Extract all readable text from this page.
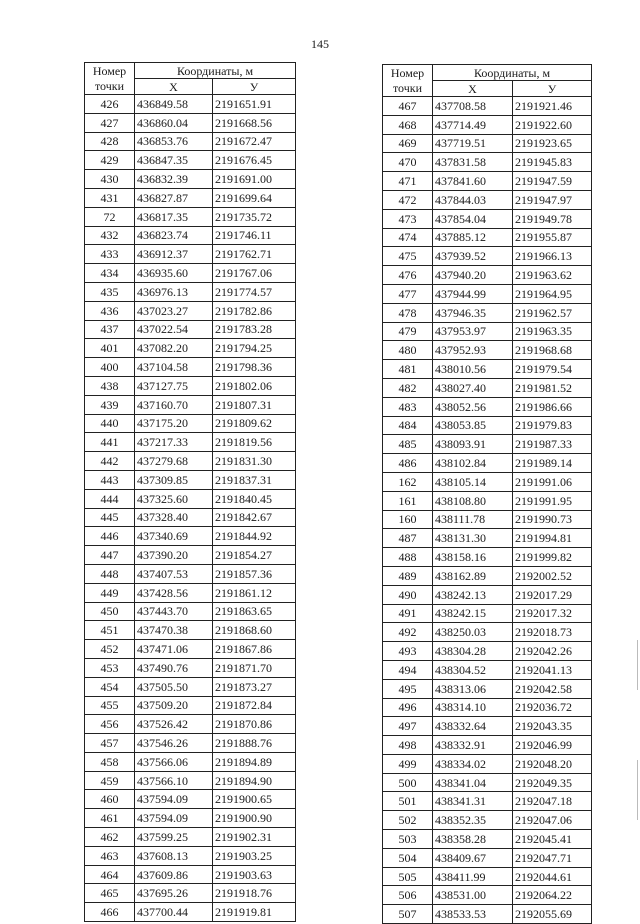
145
Номер точки	Координаты, м	
	X	У
426	436849.58	2191651.91
427	436860.04	2191668.56
428	436853.76	2191672.47
429	436847.35	2191676.45
430	436832.39	2191691.00
431	436827.87	2191699.64
72	436817.35	2191735.72
432	436823.74	2191746.11
433	436912.37	2191762.71
434	436935.60	2191767.06
435	436976.13	2191774.57
436	437023.27	2191782.86
437	437022.54	2191783.28
401	437082.20	2191794.25
400	437104.58	2191798.36
438	437127.75	2191802.06
439	437160.70	2191807.31
440	437175.20	2191809.62
441	437217.33	2191819.56
442	437279.68	2191831.30
443	437309.85	2191837.31
444	437325.60	2191840.45
445	437328.40	2191842.67
446	437340.69	2191844.92
447	437390.20	2191854.27
448	437407.53	2191857.36
449	437428.56	2191861.12
450	437443.70	2191863.65
451	437470.38	2191868.60
452	437471.06	2191867.86
453	437490.76	2191871.70
454	437505.50	2191873.27
455	437509.20	2191872.84
456	437526.42	2191870.86
457	437546.26	2191888.76
458	437566.06	2191894.89
459	437566.10	2191894.90
460	437594.09	2191900.65
461	437594.09	2191900.90
462	437599.25	2191902.31
463	437608.13	2191903.25
464	437609.86	2191903.63
465	437695.26	2191918.76
466	437700.44	2191919.81
Номер точки	Координаты, м	
	X	У
467	437708.58	2191921.46
468	437714.49	2191922.60
469	437719.51	2191923.65
470	437831.58	2191945.83
471	437841.60	2191947.59
472	437844.03	2191947.97
473	437854.04	2191949.78
474	437885.12	2191955.87
475	437939.52	2191966.13
476	437940.20	2191963.62
477	437944.99	2191964.95
478	437946.35	2191962.57
479	437953.97	2191963.35
480	437952.93	2191968.68
481	438010.56	2191979.54
482	438027.40	2191981.52
483	438052.56	2191986.66
484	438053.85	2191979.83
485	438093.91	2191987.33
486	438102.84	2191989.14
162	438105.14	2191991.06
161	438108.80	2191991.95
160	438111.78	2191990.73
487	438131.30	2191994.81
488	438158.16	2191999.82
489	438162.89	2192002.52
490	438242.13	2192017.29
491	438242.15	2192017.32
492	438250.03	2192018.73
493	438304.28	2192042.26
494	438304.52	2192041.13
495	438313.06	2192042.58
496	438314.10	2192036.72
497	438332.64	2192043.35
498	438332.91	2192046.99
499	438334.02	2192048.20
500	438341.04	2192049.35
501	438341.31	2192047.18
502	438352.35	2192047.06
503	438358.28	2192045.41
504	438409.67	2192047.71
505	438411.99	2192044.61
506	438531.00	2192064.22
507	438533.53	2192055.69
